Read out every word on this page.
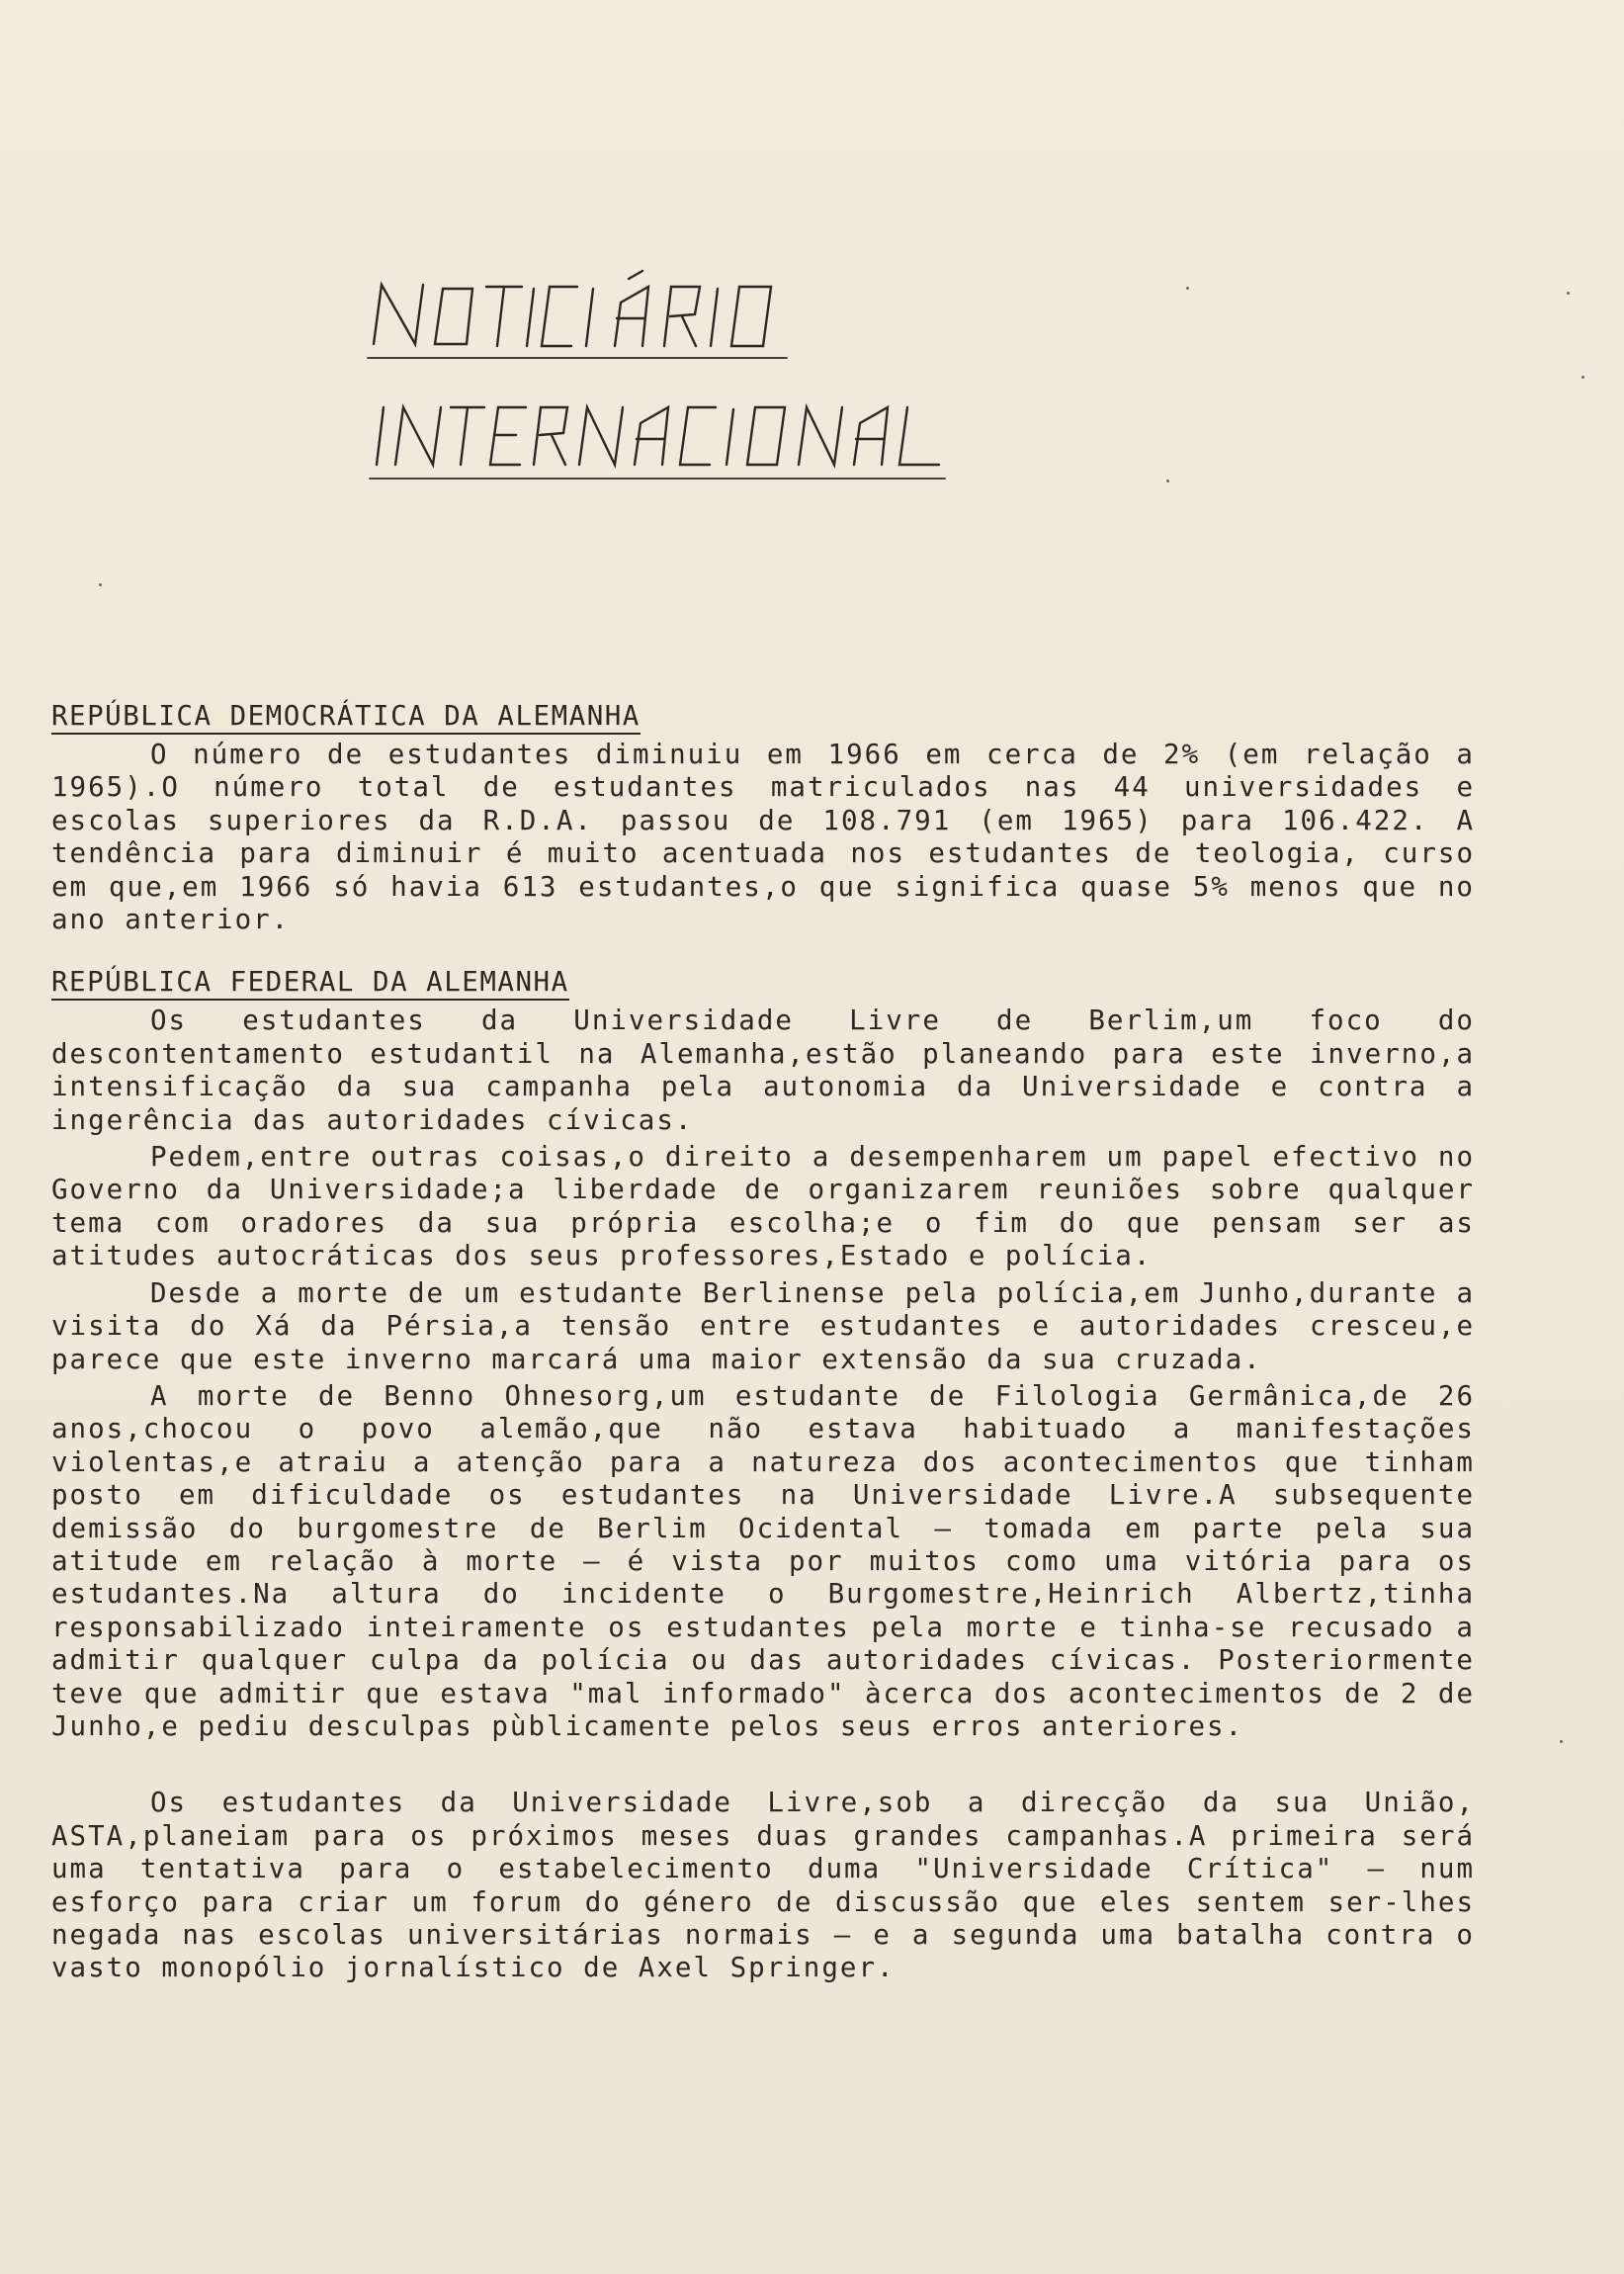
REPÚBLICA DEMOCRÁTICA DA ALEMANHA

O número de estudantes diminuiu em 1966 em cerca de 2% (em relação a 1965).O número total de estudantes matriculados nas 44 universidades e escolas superiores da R.D.A. passou de 108.791 (em 1965) para 106.422. A tendência para diminuir é muito acentuada nos estudantes de teologia, curso em que,em 1966 só havia 613 estudantes,o que significa quase 5% menos que no ano anterior.

REPÚBLICA FEDERAL DA ALEMANHA

Os estudantes da Universidade Livre de Berlim,um foco do descontentamento estudantil na Alemanha,estão planeando para este inverno,a intensificação da sua campanha pela autonomia da Universidade e contra a ingerência das autoridades cívicas.

Pedem,entre outras coisas,o direito a desempenharem um papel efectivo no Governo da Universidade;a liberdade de organizarem reuniões sobre qualquer tema com oradores da sua própria escolha;e o fim do que pensam ser as atitudes autocráticas dos seus professores,Estado e polícia.

Desde a morte de um estudante Berlinense pela polícia,em Junho,durante a visita do Xá da Pérsia,a tensão entre estudantes e autoridades cresceu,e parece que este inverno marcará uma maior extensão da sua cruzada.

A morte de Benno Ohnesorg,um estudante de Filologia Germânica,de 26 anos,chocou o povo alemão,que não estava habituado a manifestações violentas,e atraiu a atenção para a natureza dos acontecimentos que tinham posto em dificuldade os estudantes na Universidade Livre.A subsequente demissão do burgomestre de Berlim Ocidental — tomada em parte pela sua atitude em relação à morte — é vista por muitos como uma vitória para os estudantes.Na altura do incidente o Burgomestre,Heinrich Albertz,tinha responsabilizado inteiramente os estudantes pela morte e tinha-se recusado a admitir qualquer culpa da polícia ou das autoridades cívicas. Posteriormente teve que admitir que estava "mal informado" àcerca dos acontecimentos de 2 de Junho,e pediu desculpas pùblicamente pelos seus erros anteriores.

Os estudantes da Universidade Livre,sob a direcção da sua União, ASTA,planeiam para os próximos meses duas grandes campanhas.A primeira será uma tentativa para o estabelecimento duma "Universidade Crítica" — num esforço para criar um forum do género de discussão que eles sentem ser-lhes negada nas escolas universitárias normais — e a segunda uma batalha contra o vasto monopólio jornalístico de Axel Springer.
